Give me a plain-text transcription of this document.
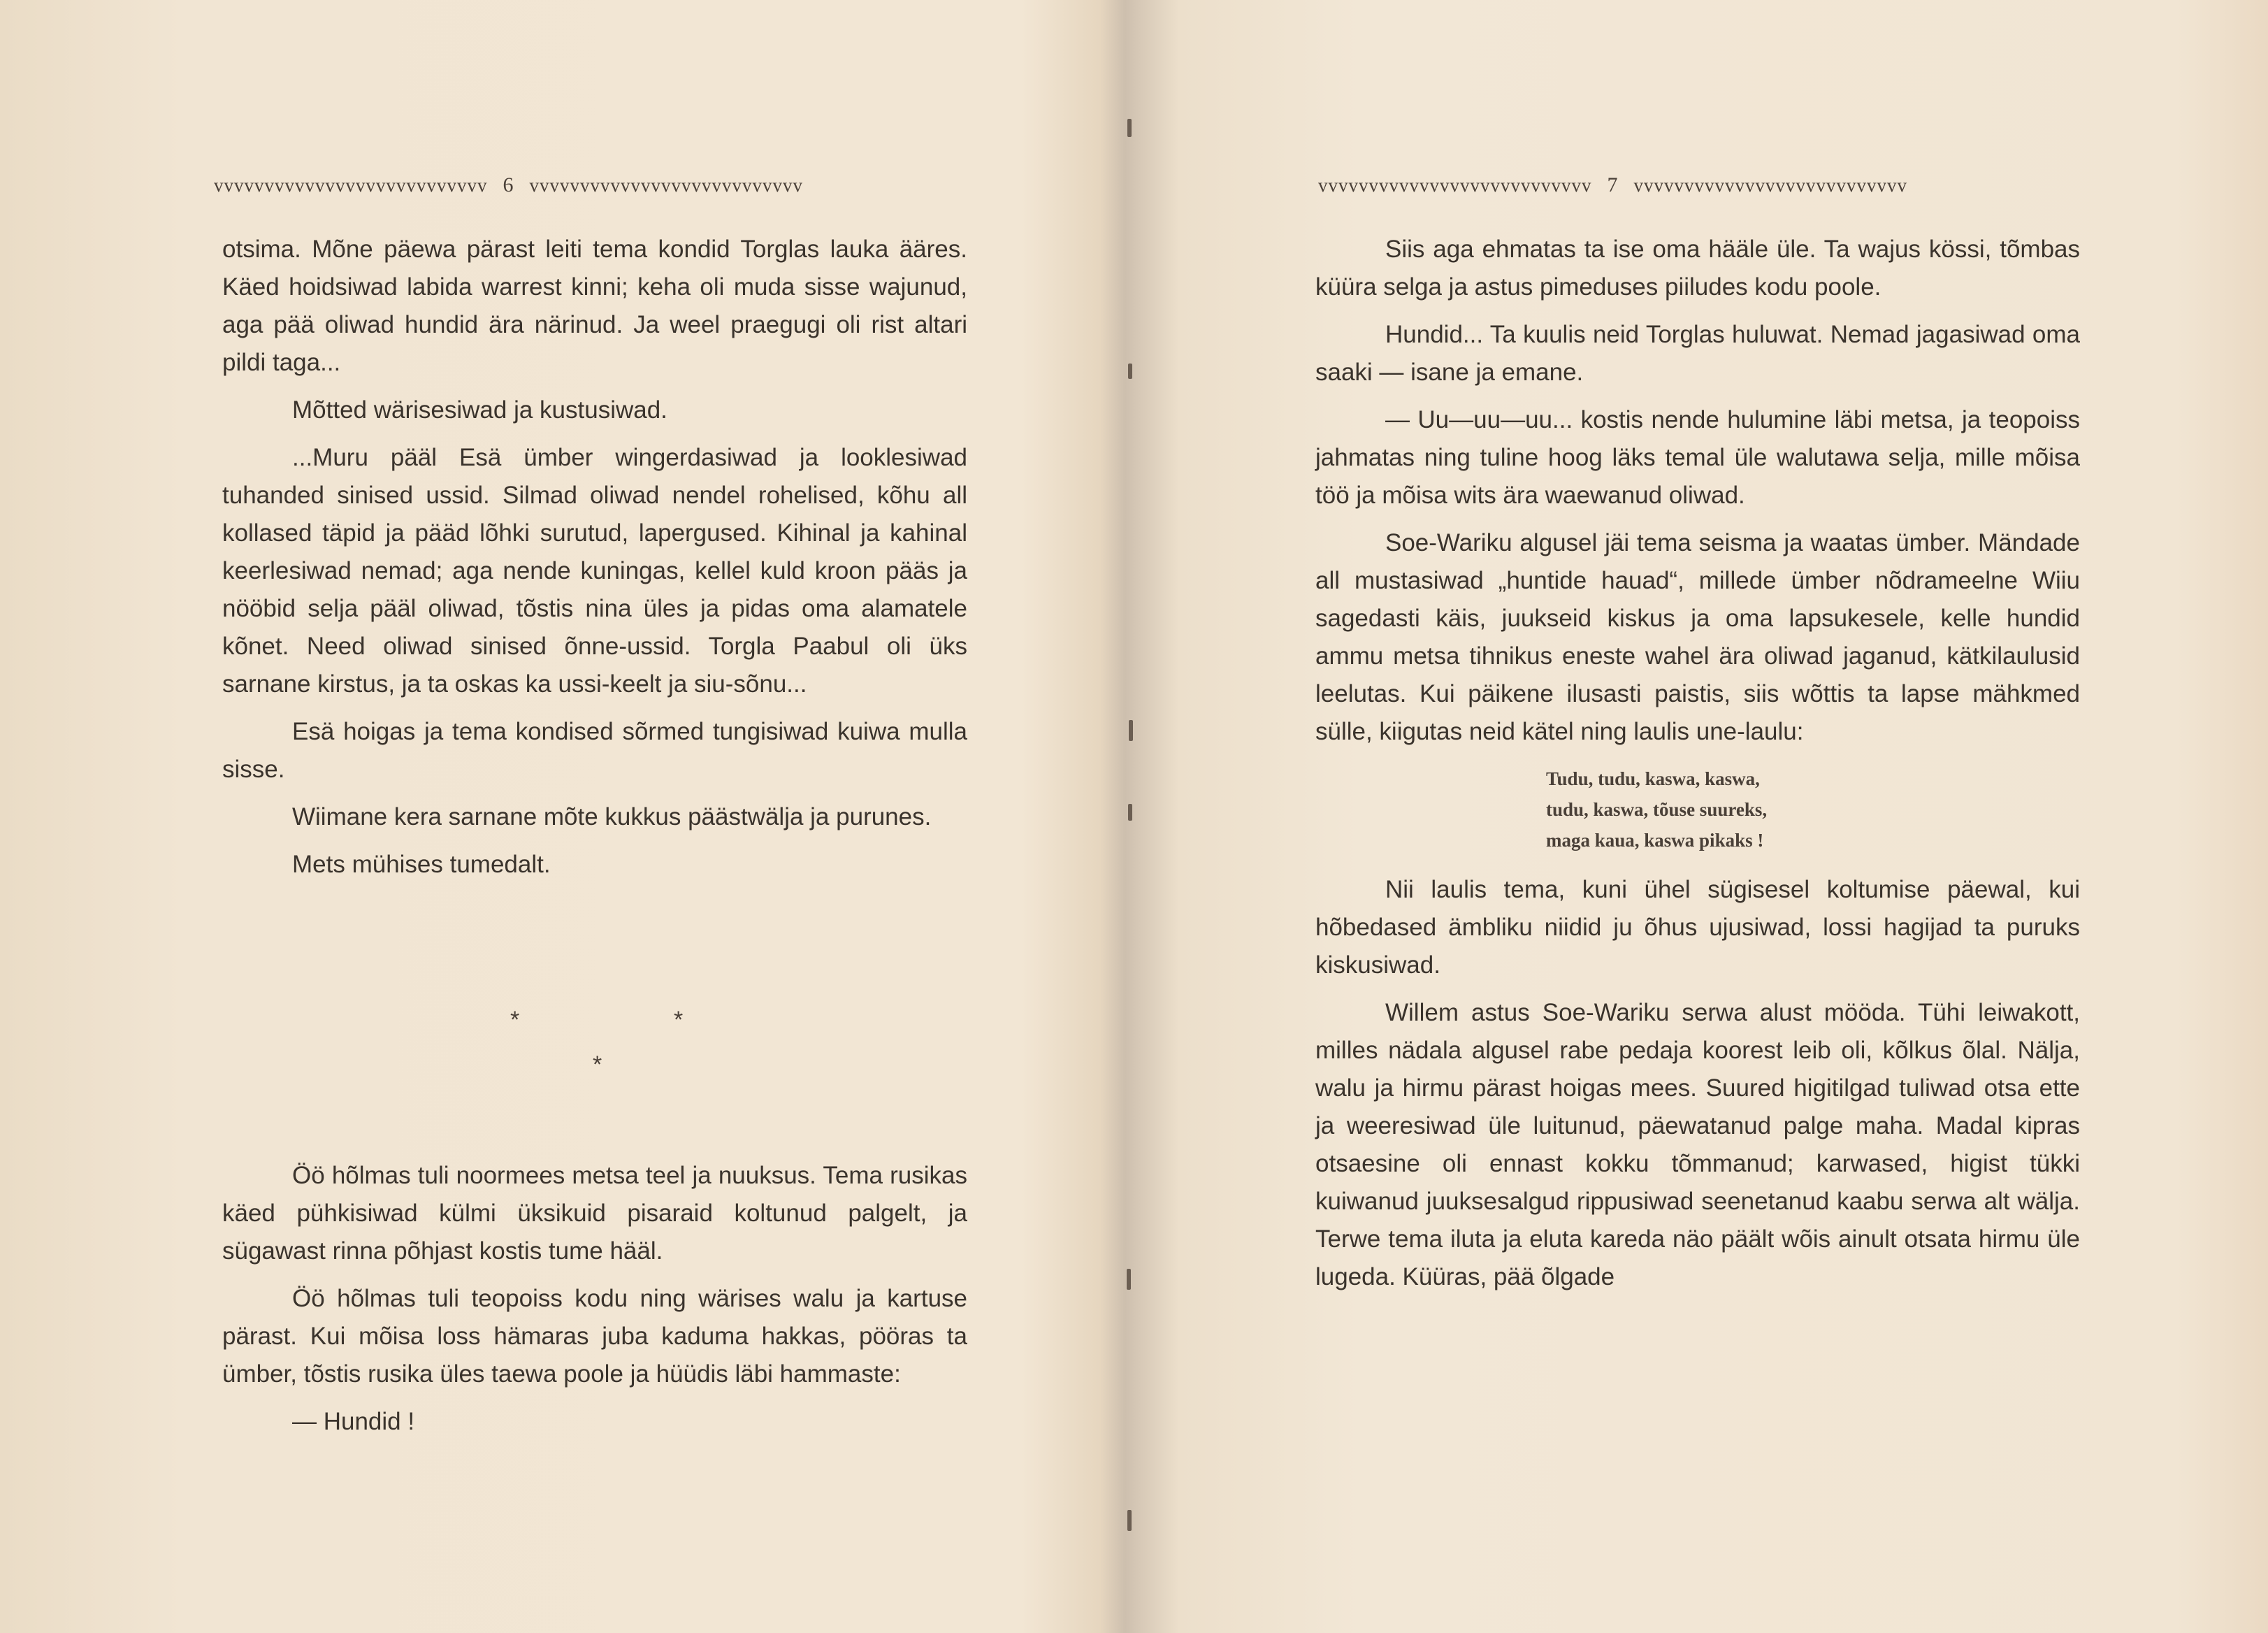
vvvvvvvvvvvvvvvvvvvvvvvvvvv 6 vvvvvvvvvvvvvvvvvvvvvvvvvvv

otsima. Mõne päewa pärast leiti tema kondid Torglas lauka ääres. Käed hoidsiwad labida warrest kinni; keha oli muda sisse wajunud, aga pää oliwad hundid ära närinud. Ja weel praegugi oli rist altari pildi taga...

Mõtted wärisesiwad ja kustusiwad.

...Muru pääl Esä ümber wingerdasiwad ja looklesiwad tuhanded sinised ussid. Silmad oliwad nendel rohelised, kõhu all kollased täpid ja pääd lõhki surutud, lapergused. Kihinal ja kahinal keerlesiwad nemad; aga nende kuningas, kellel kuld kroon pääs ja nööbid selja pääl oliwad, tõstis nina üles ja pidas oma alamatele kõnet. Need oliwad sinised õnne-ussid. Torgla Paabul oli üks sarnane kirstus, ja ta oskas ka ussi-keelt ja siu-sõnu...

Esä hoigas ja tema kondised sõrmed tungisiwad kuiwa mulla sisse.

Wiimane kera sarnane mõte kukkus päästwälja ja purunes.

Mets mühises tumedalt.

*	*
*

Öö hõlmas tuli noormees metsa teel ja nuuksus. Tema rusikas käed pühkisiwad külmi üksikuid pisaraid koltunud palgelt, ja sügawast rinna põhjast kostis tume hääl.

Öö hõlmas tuli teopoiss kodu ning wärises walu ja kartuse pärast. Kui mõisa loss hämaras juba kaduma hakkas, pööras ta ümber, tõstis rusika üles taewa poole ja hüüdis läbi hammaste:

— Hundid !

vvvvvvvvvvvvvvvvvvvvvvvvvvv 7 vvvvvvvvvvvvvvvvvvvvvvvvvvv

Siis aga ehmatas ta ise oma hääle üle. Ta wajus kössi, tõmbas küüra selga ja astus pimeduses piiludes kodu poole.

Hundid... Ta kuulis neid Torglas huluwat. Nemad jagasiwad oma saaki — isane ja emane.

— Uu—uu—uu... kostis nende hulumine läbi metsa, ja teopoiss jahmatas ning tuline hoog läks temal üle walutawa selja, mille mõisa töö ja mõisa wits ära waewanud oliwad.

Soe-Wariku algusel jäi tema seisma ja waatas ümber. Mändade all mustasiwad „huntide hauad“, millede ümber nõdrameelne Wiiu sagedasti käis, juukseid kiskus ja oma lapsukesele, kelle hundid ammu metsa tihnikus eneste wahel ära oliwad jaganud, kätkilaulusid leelutas. Kui päikene ilusasti paistis, siis wõttis ta lapse mähkmed sülle, kiigutas neid kätel ning laulis une-laulu:

Tudu, tudu, kaswa, kaswa,
tudu, kaswa, tõuse suureks,
maga kaua, kaswa pikaks !

Nii laulis tema, kuni ühel sügisesel koltumise päewal, kui hõbedased ämbliku niidid ju õhus ujusiwad, lossi hagijad ta puruks kiskusiwad.

Willem astus Soe-Wariku serwa alust mööda. Tühi leiwakott, milles nädala algusel rabe pedaja koorest leib oli, kõlkus õlal. Nälja, walu ja hirmu pärast hoigas mees. Suured higitilgad tuliwad otsa ette ja weeresiwad üle luitunud, päewatanud palge maha. Madal kipras otsaesine oli ennast kokku tõmmanud; karwased, higist tükki kuiwanud juuksesalgud rippusiwad seenetanud kaabu serwa alt wälja. Terwe tema iluta ja eluta kareda näo päält wõis ainult otsata hirmu üle lugeda. Küüras, pää õlgade
